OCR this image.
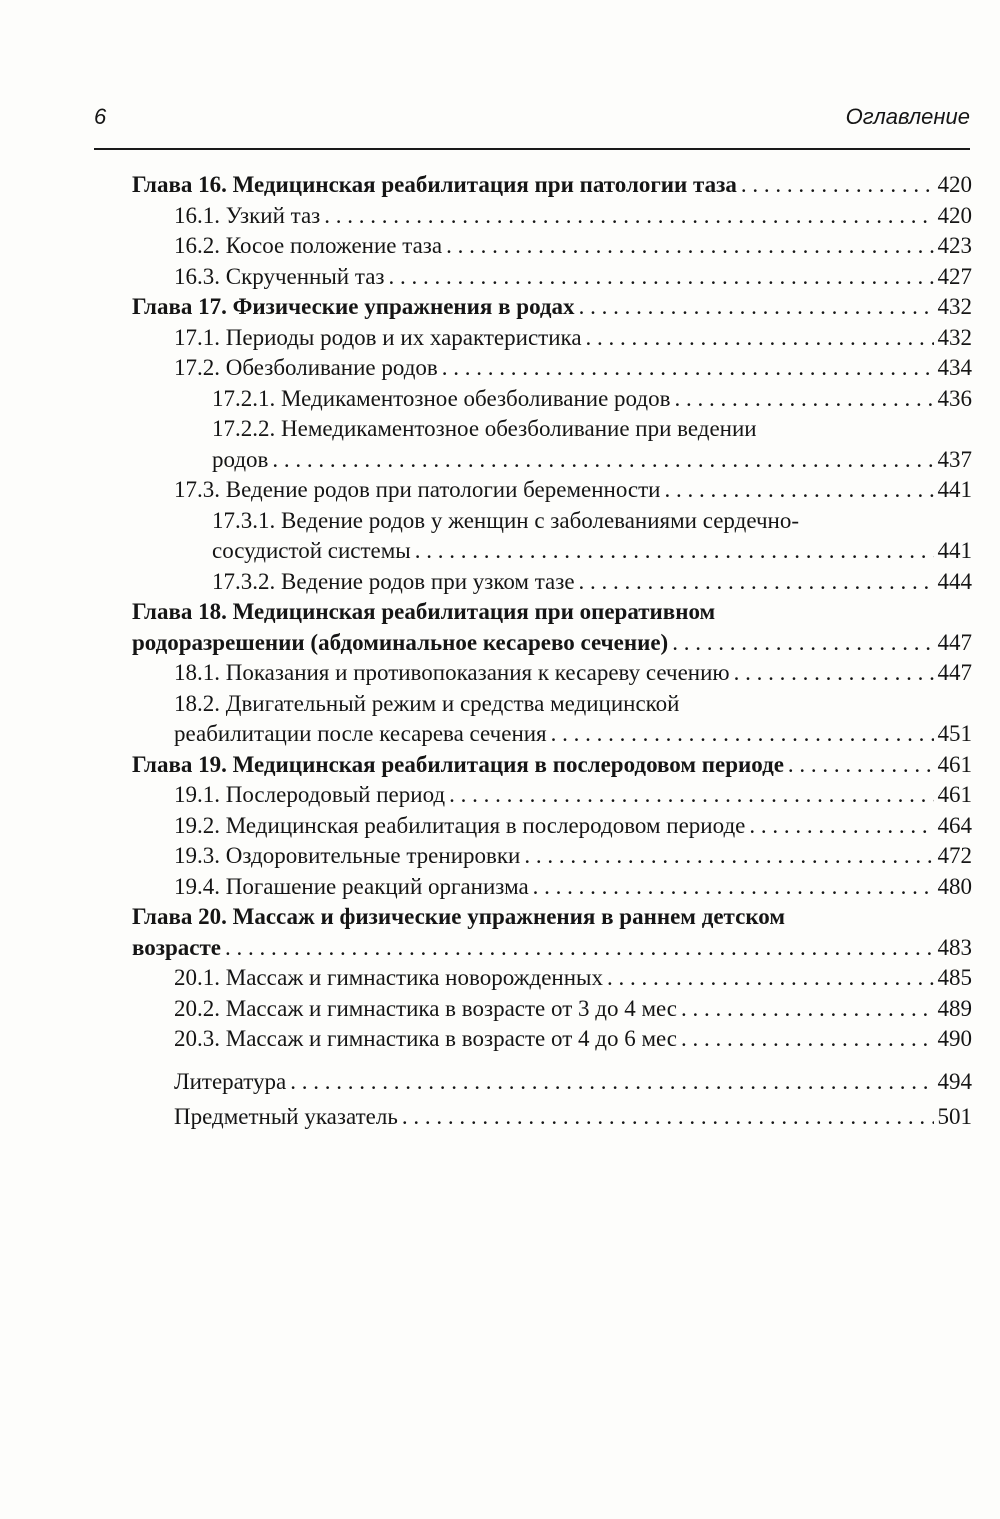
6	Оглавление
Глава 16. Медицинская реабилитация при патологии таза . . .	420
16.1. Узкий таз . . .	420
16.2. Косое положение таза . . .	423
16.3. Скрученный таз . . .	427
Глава 17. Физические упражнения в родах . . .	432
17.1. Периоды родов и их характеристика . . .	432
17.2. Обезболивание родов . . .	434
17.2.1. Медикаментозное обезболивание родов . . .	436
17.2.2. Немедикаментозное обезболивание при ведении
родов . . .	437
17.3. Ведение родов при патологии беременности . . .	441
17.3.1. Ведение родов у женщин с заболеваниями сердечно-
сосудистой системы . . .	441
17.3.2. Ведение родов при узком тазе . . .	444
Глава 18. Медицинская реабилитация при оперативном
родоразрешении (абдоминальное кесарево сечение) . . .	447
18.1. Показания и противопоказания к кесареву сечению . . .	447
18.2. Двигательный режим и средства медицинской
реабилитации после кесарева сечения . . .	451
Глава 19. Медицинская реабилитация в послеродовом периоде . . .	461
19.1. Послеродовый период . . .	461
19.2. Медицинская реабилитация в послеродовом периоде . . .	464
19.3. Оздоровительные тренировки . . .	472
19.4. Погашение реакций организма . . .	480
Глава 20. Массаж и физические упражнения в раннем детском
возрасте . . .	483
20.1. Массаж и гимнастика новорожденных . . .	485
20.2. Массаж и гимнастика в возрасте от 3 до 4 мес . . .	489
20.3. Массаж и гимнастика в возрасте от 4 до 6 мес . . .	490
Литература . . .	494
Предметный указатель . . .	501
